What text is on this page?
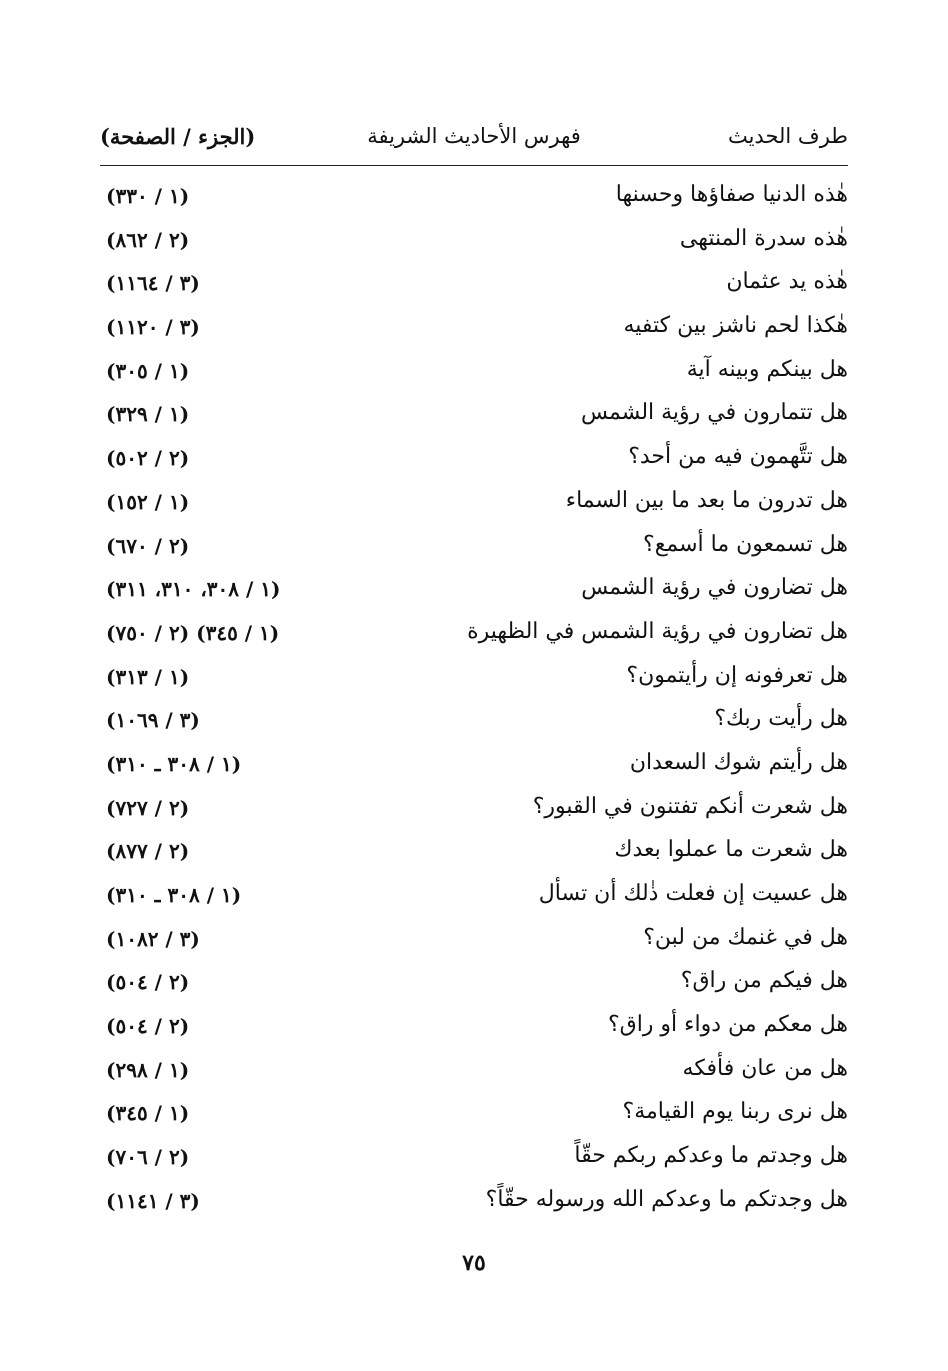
طرف الحديث
فهرس الأحاديث الشريفة
(الجزء / الصفحة)
هٰذه الدنيا صفاؤها وحسنها
(١ / ٣٣٠)
هٰذه سدرة المنتهى
(٢ / ٨٦٢)
هٰذه يد عثمان
(٣ / ١١٦٤)
هٰكذا لحم ناشز بين كتفيه
(٣ / ١١٢٠)
هل بينكم وبينه آية
(١ / ٣٠٥)
هل تتمارون في رؤية الشمس
(١ / ٣٢٩)
هل تتَّهمون فيه من أحد؟
(٢ / ٥٠٢)
هل تدرون ما بعد ما بين السماء
(١ / ١٥٢)
هل تسمعون ما أسمع؟
(٢ / ٦٧٠)
هل تضارون في رؤية الشمس
(١ / ٣٠٨، ٣١٠، ٣١١)
هل تضارون في رؤية الشمس في الظهيرة
(١ / ٣٤٥) (٢ / ٧٥٠)
هل تعرفونه إن رأيتمون؟
(١ / ٣١٣)
هل رأيت ربك؟
(٣ / ١٠٦٩)
هل رأيتم شوك السعدان
(١ / ٣٠٨ ـ ٣١٠)
هل شعرت أنكم تفتنون في القبور؟
(٢ / ٧٢٧)
هل شعرت ما عملوا بعدك
(٢ / ٨٧٧)
هل عسيت إن فعلت ذٰلك أن تسأل
(١ / ٣٠٨ ـ ٣١٠)
هل في غنمك من لبن؟
(٣ / ١٠٨٢)
هل فيكم من راق؟
(٢ / ٥٠٤)
هل معكم من دواء أو راق؟
(٢ / ٥٠٤)
هل من عان فأفكه
(١ / ٢٩٨)
هل نرى ربنا يوم القيامة؟
(١ / ٣٤٥)
هل وجدتم ما وعدكم ربكم حقّاً
(٢ / ٧٠٦)
هل وجدتكم ما وعدكم الله ورسوله حقّاً؟
(٣ / ١١٤١)
٧٥
